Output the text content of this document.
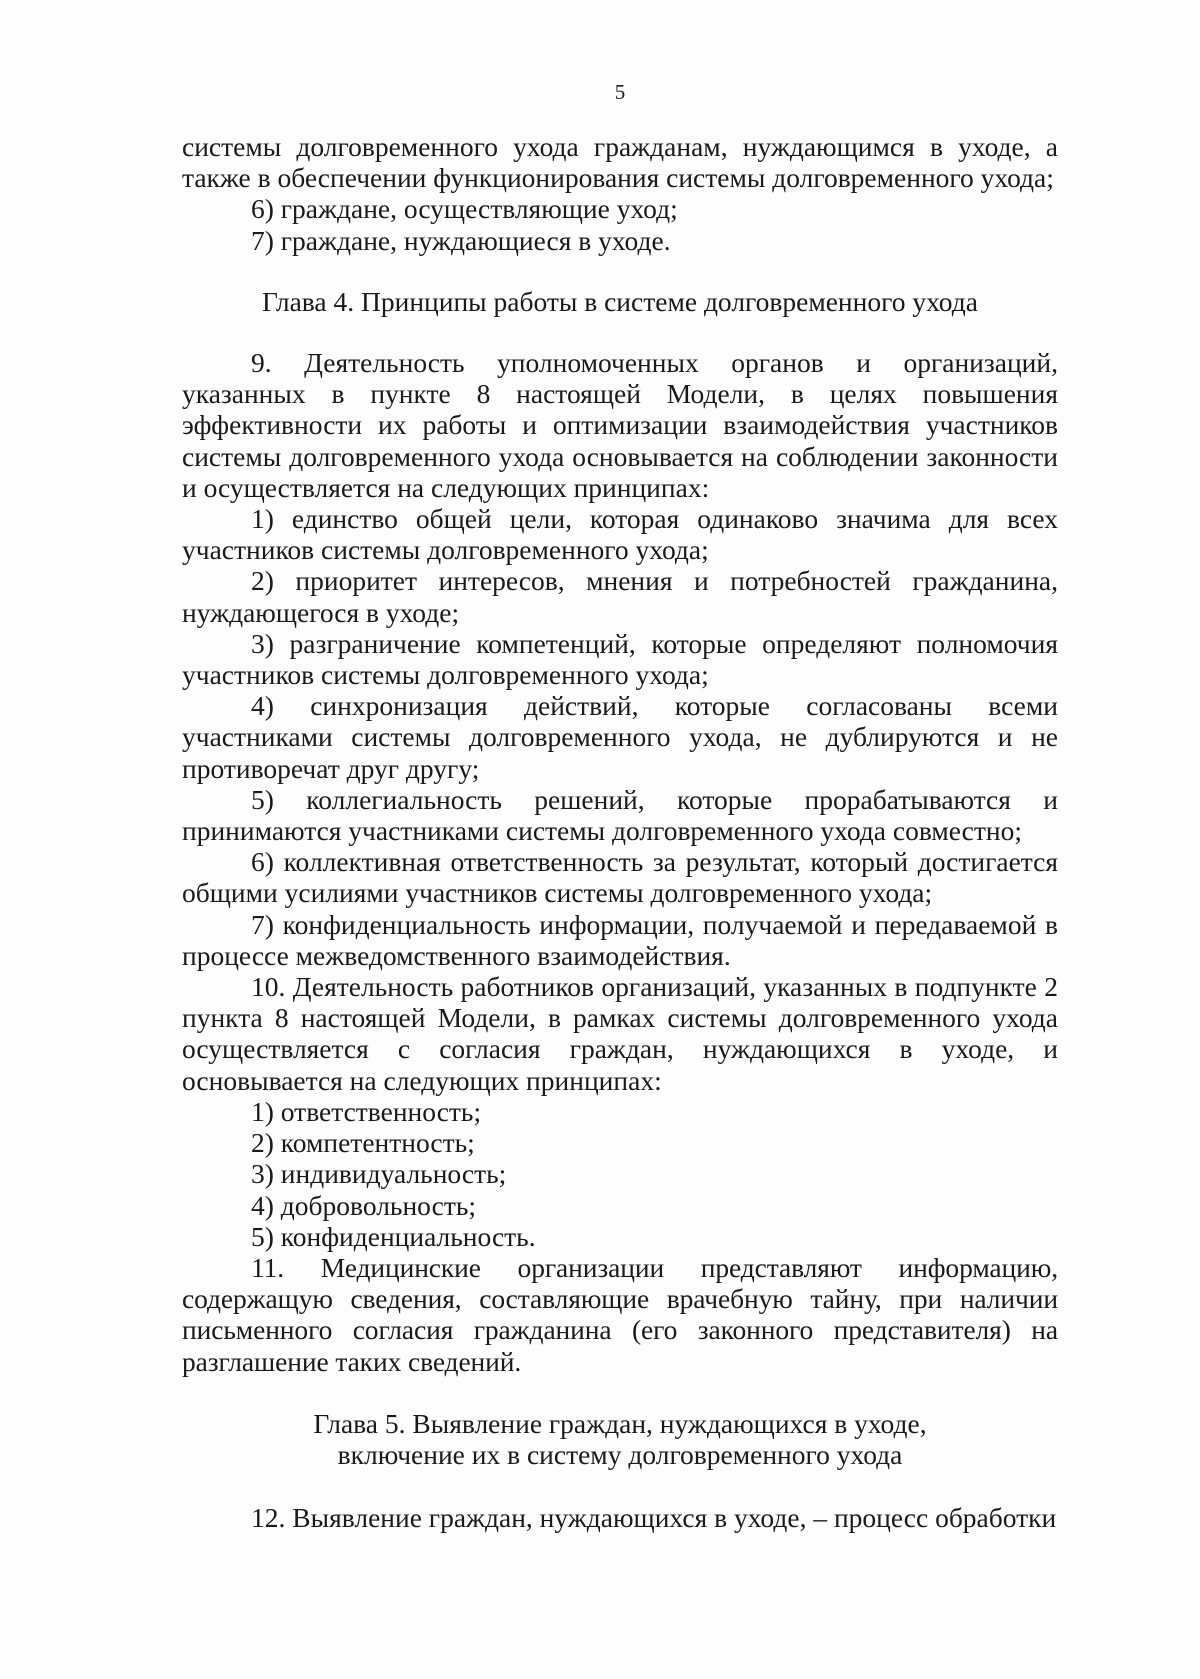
5

системы долговременного ухода гражданам, нуждающимся в уходе, а также в обеспечении функционирования системы долговременного ухода;

6) граждане, осуществляющие уход;

7) граждане, нуждающиеся в уходе.

Глава 4. Принципы работы в системе долговременного ухода

9. Деятельность уполномоченных органов и организаций, указанных в пункте 8 настоящей Модели, в целях повышения эффективности их работы и оптимизации взаимодействия участников системы долговременного ухода основывается на соблюдении законности и осуществляется на следующих принципах:

1) единство общей цели, которая одинаково значима для всех участников системы долговременного ухода;

2) приоритет интересов, мнения и потребностей гражданина, нуждающегося в уходе;

3) разграничение компетенций, которые определяют полномочия участников системы долговременного ухода;

4) синхронизация действий, которые согласованы всеми участниками системы долговременного ухода, не дублируются и не противоречат друг другу;

5) коллегиальность решений, которые прорабатываются и принимаются участниками системы долговременного ухода совместно;

6) коллективная ответственность за результат, который достигается общими усилиями участников системы долговременного ухода;

7) конфиденциальность информации, получаемой и передаваемой в процессе межведомственного взаимодействия.

10. Деятельность работников организаций, указанных в подпункте 2 пункта 8 настоящей Модели, в рамках системы долговременного ухода осуществляется с согласия граждан, нуждающихся в уходе, и основывается на следующих принципах:

1) ответственность;

2) компетентность;

3) индивидуальность;

4) добровольность;

5) конфиденциальность.

11. Медицинские организации представляют информацию, содержащую сведения, составляющие врачебную тайну, при наличии письменного согласия гражданина (его законного представителя) на разглашение таких сведений.

Глава 5. Выявление граждан, нуждающихся в уходе,

включение их в систему долговременного ухода

12. Выявление граждан, нуждающихся в уходе, – процесс обработки
